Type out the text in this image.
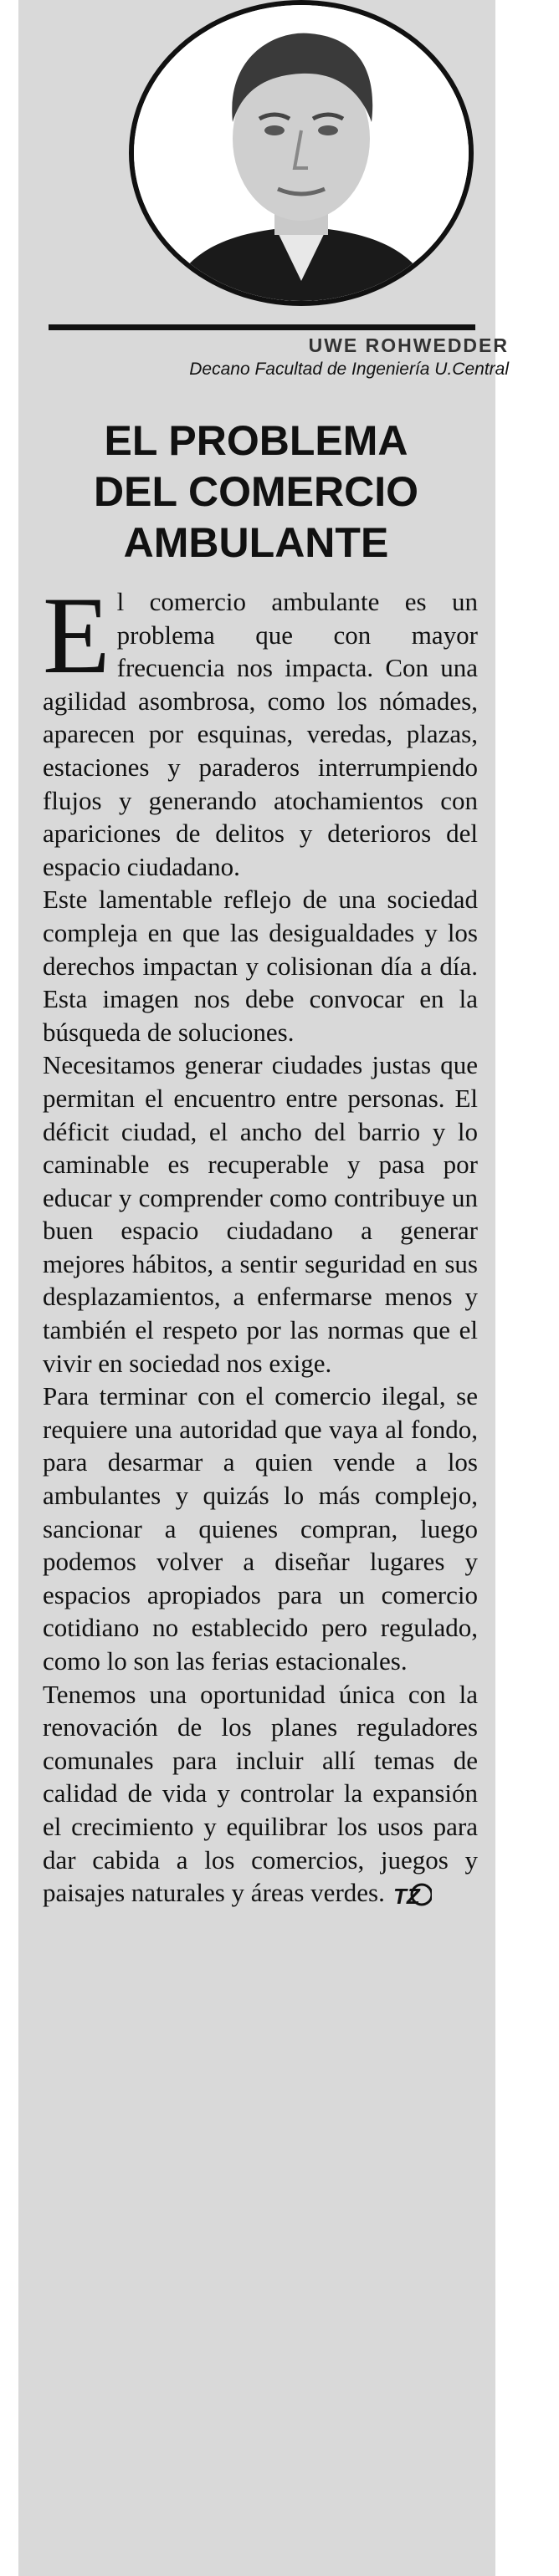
UWE ROHWEDDER
Decano Facultad de Ingeniería U.Central
EL PROBLEMA
DEL COMERCIO
AMBULANTE

El comercio ambulante es un problema que con mayor frecuencia nos impacta. Con una agilidad asombrosa, como los nómades, aparecen por esquinas, veredas, plazas, estaciones y paraderos interrumpiendo flujos y generando atochamientos con apariciones de delitos y deterioros del espacio ciudadano.

Este lamentable reflejo de una sociedad compleja en que las desigualdades y los derechos impactan y colisionan día a día. Esta imagen nos debe convocar en la búsqueda de soluciones.

Necesitamos generar ciudades justas que permitan el encuentro entre personas. El déficit ciudad, el ancho del barrio y lo caminable es recuperable y pasa por educar y comprender como contribuye un buen espacio ciudadano a generar mejores hábitos, a sentir seguridad en sus desplazamientos, a enfermarse menos y también el respeto por las normas que el vivir en sociedad nos exige.

Para terminar con el comercio ilegal, se requiere una autoridad que vaya al fondo, para desarmar a quien vende a los ambulantes y quizás lo más complejo, sancionar a quienes compran, luego podemos volver a diseñar lugares y espacios apropiados para un comercio cotidiano no establecido pero regulado, como lo son las ferias estacionales.

Tenemos una oportunidad única con la renovación de los planes reguladores comunales para incluir allí temas de calidad de vida y controlar la expansión el crecimiento y equilibrar los usos para dar cabida a los comercios, juegos y paisajes naturales y áreas verdes. TZ
